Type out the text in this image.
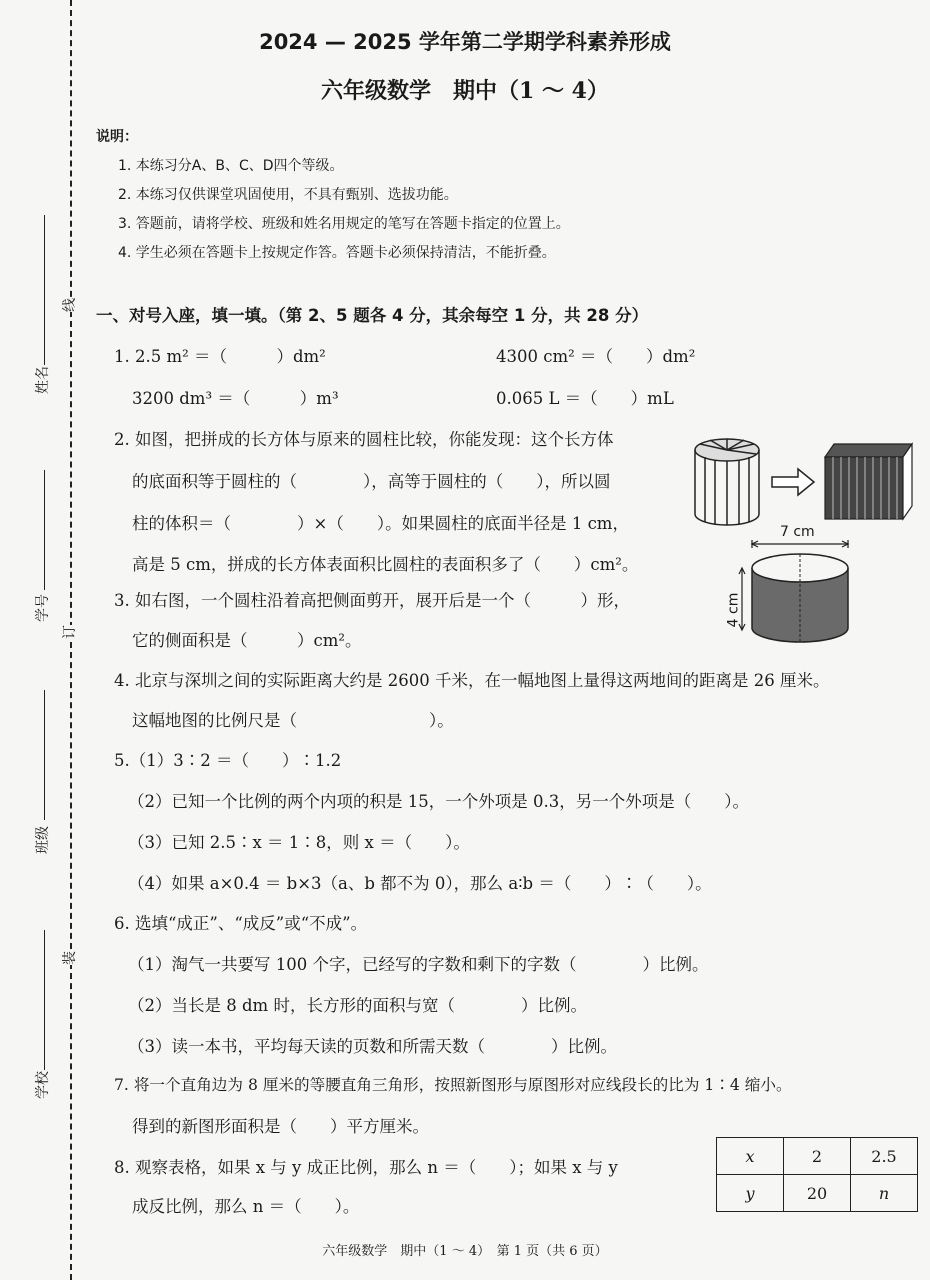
姓名
学号
班级
学校
线
订
装
2024 — 2025 学年第二学期学科素养形成
六年级数学　期中（1 ～ 4）
说明：
1. 本练习分A、B、C、D四个等级。
2. 本练习仅供课堂巩固使用，不具有甄别、选拔功能。
3. 答题前，请将学校、班级和姓名用规定的笔写在答题卡指定的位置上。
4. 学生必须在答题卡上按规定作答。答题卡必须保持清洁，不能折叠。
一、对号入座，填一填。（第 2、5 题各 4 分，其余每空 1 分，共 28 分）
1. 2.5 m² ＝（　　　）dm²	4300 cm² ＝（　　）dm²
3200 dm³ ＝（　　　）m³	0.065 L ＝（　　）mL
2. 如图，把拼成的长方体与原来的圆柱比较，你能发现：这个长方体
的底面积等于圆柱的（　　　　），高等于圆柱的（　　），所以圆
柱的体积＝（　　　　）×（　　）。如果圆柱的底面半径是 1 cm，
高是 5 cm，拼成的长方体表面积比圆柱的表面积多了（　　）cm²。
7 cm
4 cm
3. 如右图，一个圆柱沿着高把侧面剪开，展开后是一个（　　　）形，
它的侧面积是（　　　）cm²。
4. 北京与深圳之间的实际距离大约是 2600 千米，在一幅地图上量得这两地间的距离是 26 厘米。
这幅地图的比例尺是（　　　　　　　　）。
5.（1）3∶2 ＝（　　）∶1.2
（2）已知一个比例的两个内项的积是 15，一个外项是 0.3，另一个外项是（　　）。
（3）已知 2.5∶x ＝ 1∶8，则 x ＝（　　）。
（4）如果 a×0.4 ＝ b×3（a、b 都不为 0），那么 a∶b ＝（　　）∶（　　）。
6. 选填“成正”、“成反”或“不成”。
（1）淘气一共要写 100 个字，已经写的字数和剩下的字数（　　　　）比例。
（2）当长是 8 dm 时，长方形的面积与宽（　　　　）比例。
（3）读一本书，平均每天读的页数和所需天数（　　　　）比例。
7. 将一个直角边为 8 厘米的等腰直角三角形，按照新图形与原图形对应线段长的比为 1∶4 缩小。
得到的新图形面积是（　　）平方厘米。
8. 观察表格，如果 x 与 y 成正比例，那么 n ＝（　　）；如果 x 与 y
成反比例，那么 n ＝（　　）。
x	2	2.5
y	20	n
六年级数学　期中（1 ～ 4）　第 1 页（共 6 页）
